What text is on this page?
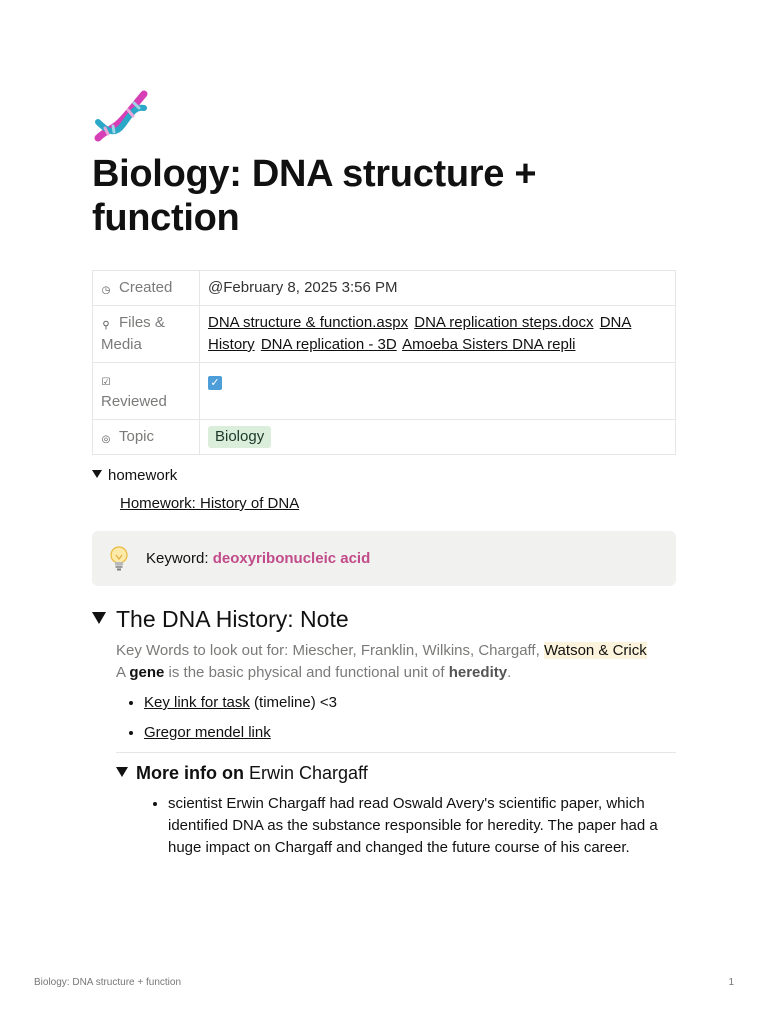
Biology: DNA structure + function
◷ Created	@February 8, 2025 3:56 PM
⚲ Files & Media	DNA structure & function.aspx DNA replication steps.docx DNA History DNA replication - 3D Amoeba Sisters DNA repli
☑
Reviewed	✓
◎ Topic	Biology
homework
Homework: History of DNA
Keyword:
deoxyribonucleic acid
The DNA History: Note
Key Words to look out for: Miescher, Franklin, Wilkins, Chargaff, Watson & Crick
A gene is the basic physical and functional unit of heredity.
• Key link for task (timeline) <3
• Gregor mendel link
More info on Erwin Chargaff
• scientist Erwin Chargaff had read Oswald Avery's scientific paper, which identified DNA as the substance responsible for heredity. The paper had a huge impact on Chargaff and changed the future course of his career.
Biology: DNA structure + function	1
